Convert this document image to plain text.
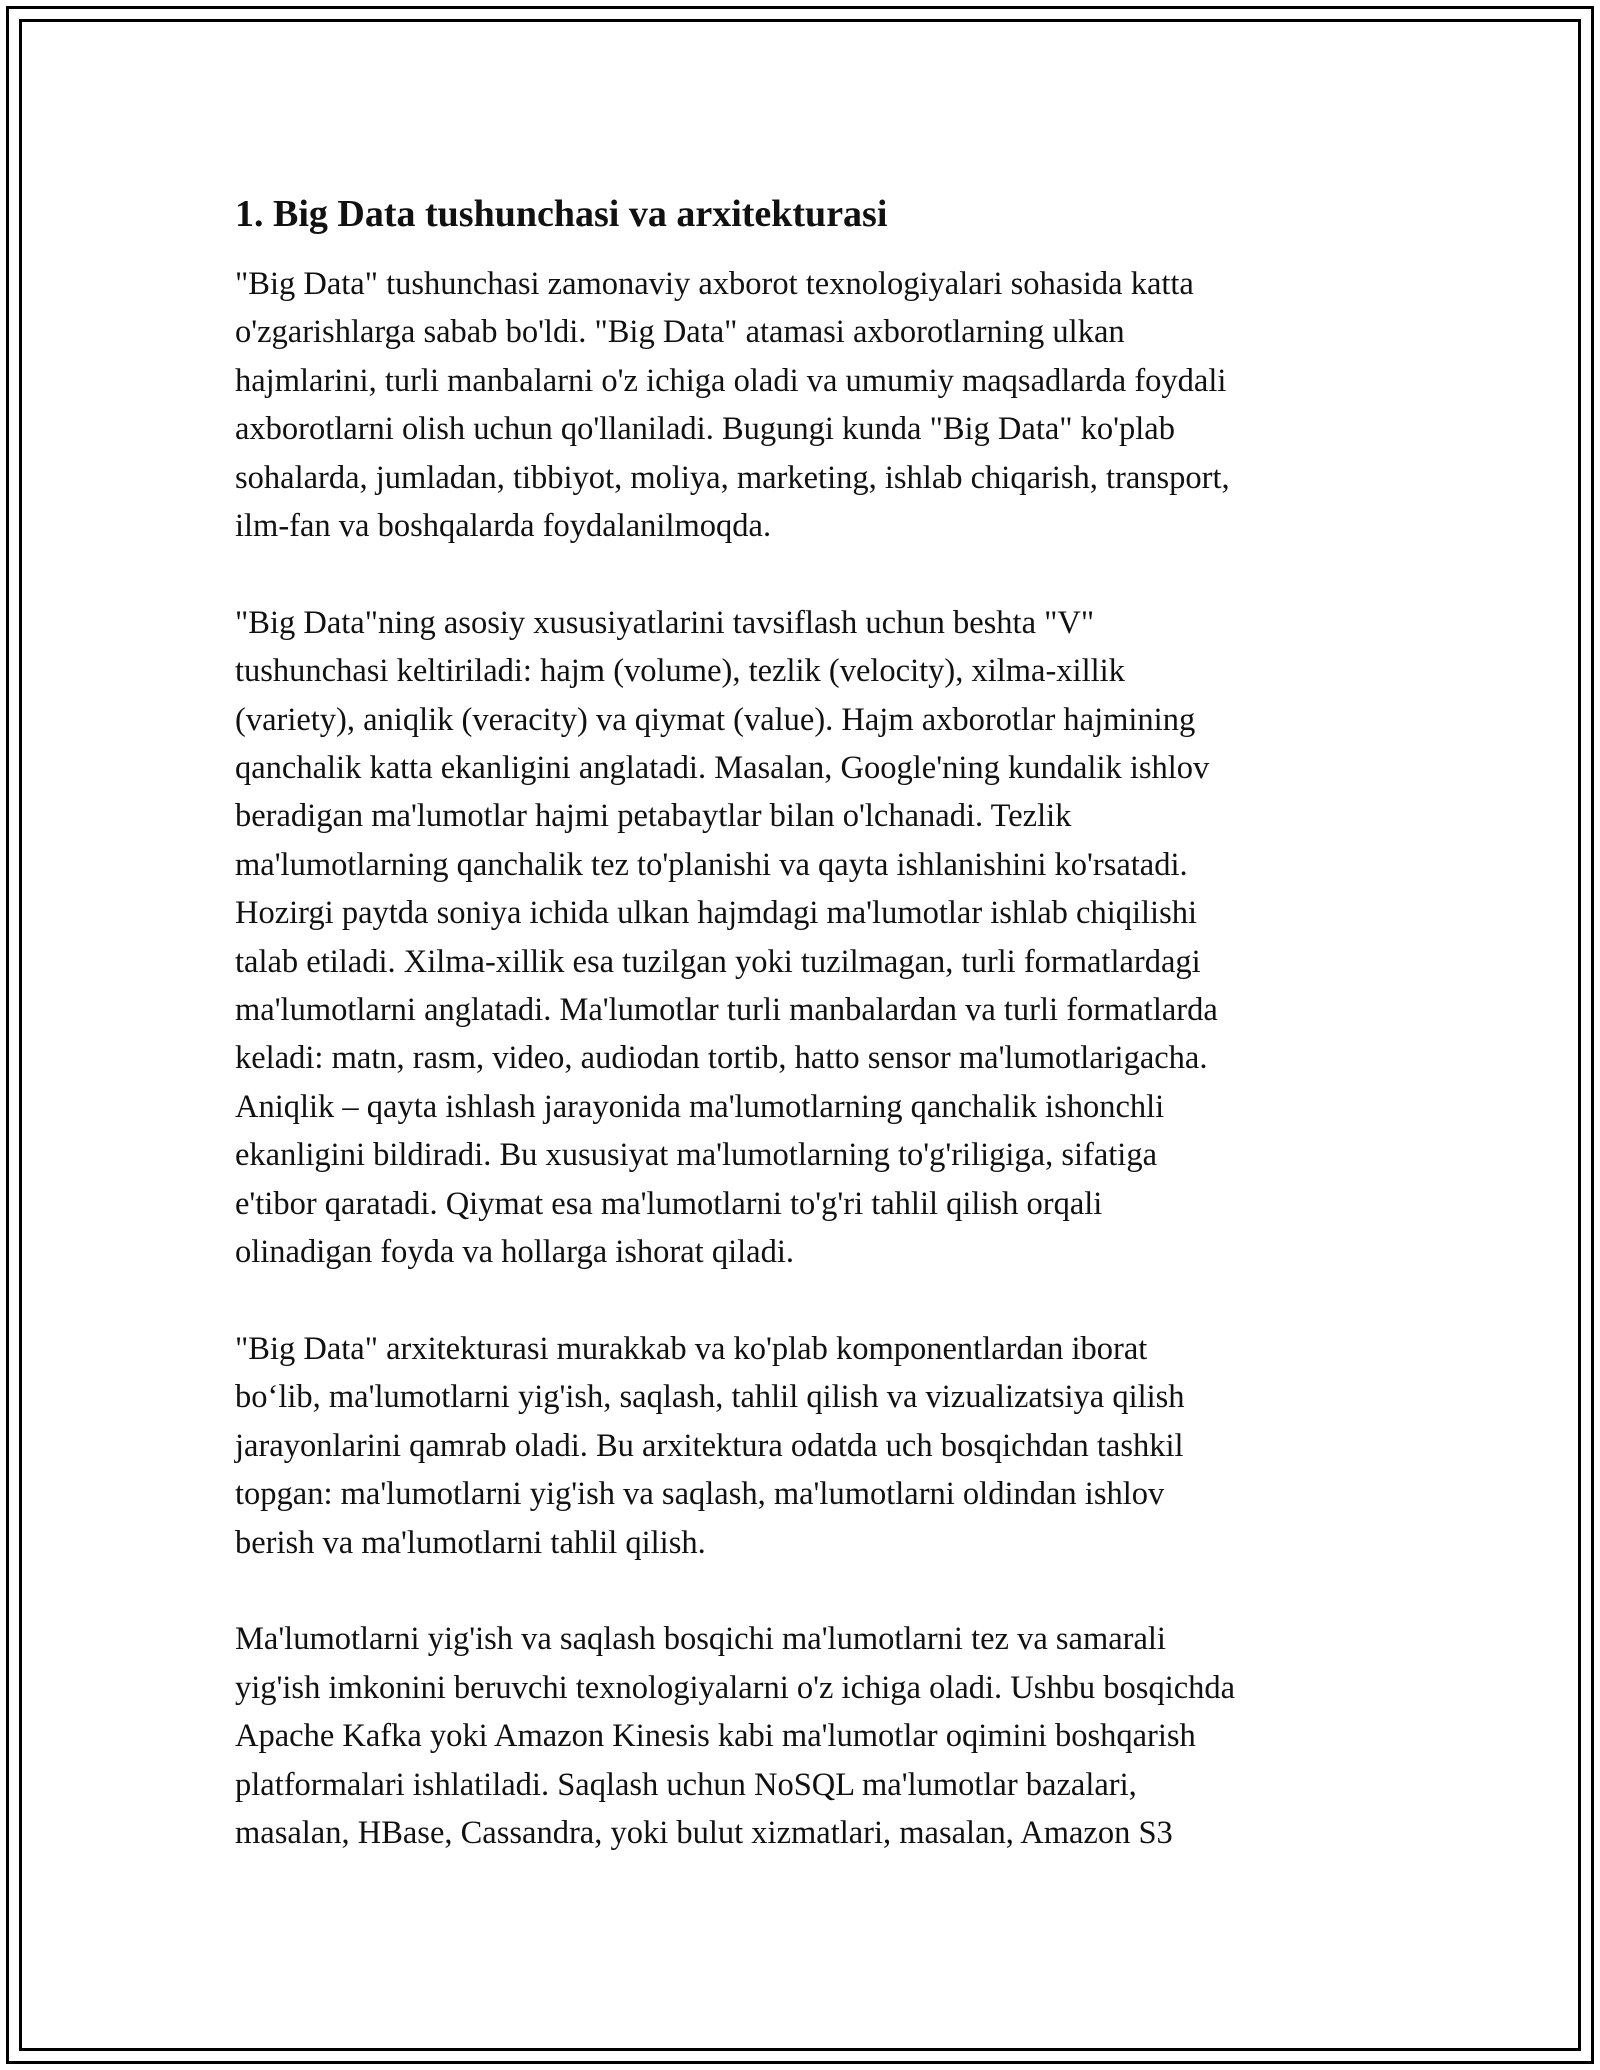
1. Big Data tushunchasi va arxitekturasi

"Big Data" tushunchasi zamonaviy axborot texnologiyalari sohasida katta
o'zgarishlarga sabab bo'ldi. "Big Data" atamasi axborotlarning ulkan
hajmlarini, turli manbalarni o'z ichiga oladi va umumiy maqsadlarda foydali
axborotlarni olish uchun qo'llaniladi. Bugungi kunda "Big Data" ko'plab
sohalarda, jumladan, tibbiyot, moliya, marketing, ishlab chiqarish, transport,
ilm-fan va boshqalarda foydalanilmoqda.

"Big Data"ning asosiy xususiyatlarini tavsiflash uchun beshta "V"
tushunchasi keltiriladi: hajm (volume), tezlik (velocity), xilma-xillik
(variety), aniqlik (veracity) va qiymat (value). Hajm axborotlar hajmining
qanchalik katta ekanligini anglatadi. Masalan, Google'ning kundalik ishlov
beradigan ma'lumotlar hajmi petabaytlar bilan o'lchanadi. Tezlik
ma'lumotlarning qanchalik tez to'planishi va qayta ishlanishini ko'rsatadi.
Hozirgi paytda soniya ichida ulkan hajmdagi ma'lumotlar ishlab chiqilishi
talab etiladi. Xilma-xillik esa tuzilgan yoki tuzilmagan, turli formatlardagi
ma'lumotlarni anglatadi. Ma'lumotlar turli manbalardan va turli formatlarda
keladi: matn, rasm, video, audiodan tortib, hatto sensor ma'lumotlarigacha.
Aniqlik – qayta ishlash jarayonida ma'lumotlarning qanchalik ishonchli
ekanligini bildiradi. Bu xususiyat ma'lumotlarning to'g'riligiga, sifatiga
e'tibor qaratadi. Qiymat esa ma'lumotlarni to'g'ri tahlil qilish orqali
olinadigan foyda va hollarga ishorat qiladi.

"Big Data" arxitekturasi murakkab va ko'plab komponentlardan iborat
bo‘lib, ma'lumotlarni yig'ish, saqlash, tahlil qilish va vizualizatsiya qilish
jarayonlarini qamrab oladi. Bu arxitektura odatda uch bosqichdan tashkil
topgan: ma'lumotlarni yig'ish va saqlash, ma'lumotlarni oldindan ishlov
berish va ma'lumotlarni tahlil qilish.

Ma'lumotlarni yig'ish va saqlash bosqichi ma'lumotlarni tez va samarali
yig'ish imkonini beruvchi texnologiyalarni o'z ichiga oladi. Ushbu bosqichda
Apache Kafka yoki Amazon Kinesis kabi ma'lumotlar oqimini boshqarish
platformalari ishlatiladi. Saqlash uchun NoSQL ma'lumotlar bazalari,
masalan, HBase, Cassandra, yoki bulut xizmatlari, masalan, Amazon S3
